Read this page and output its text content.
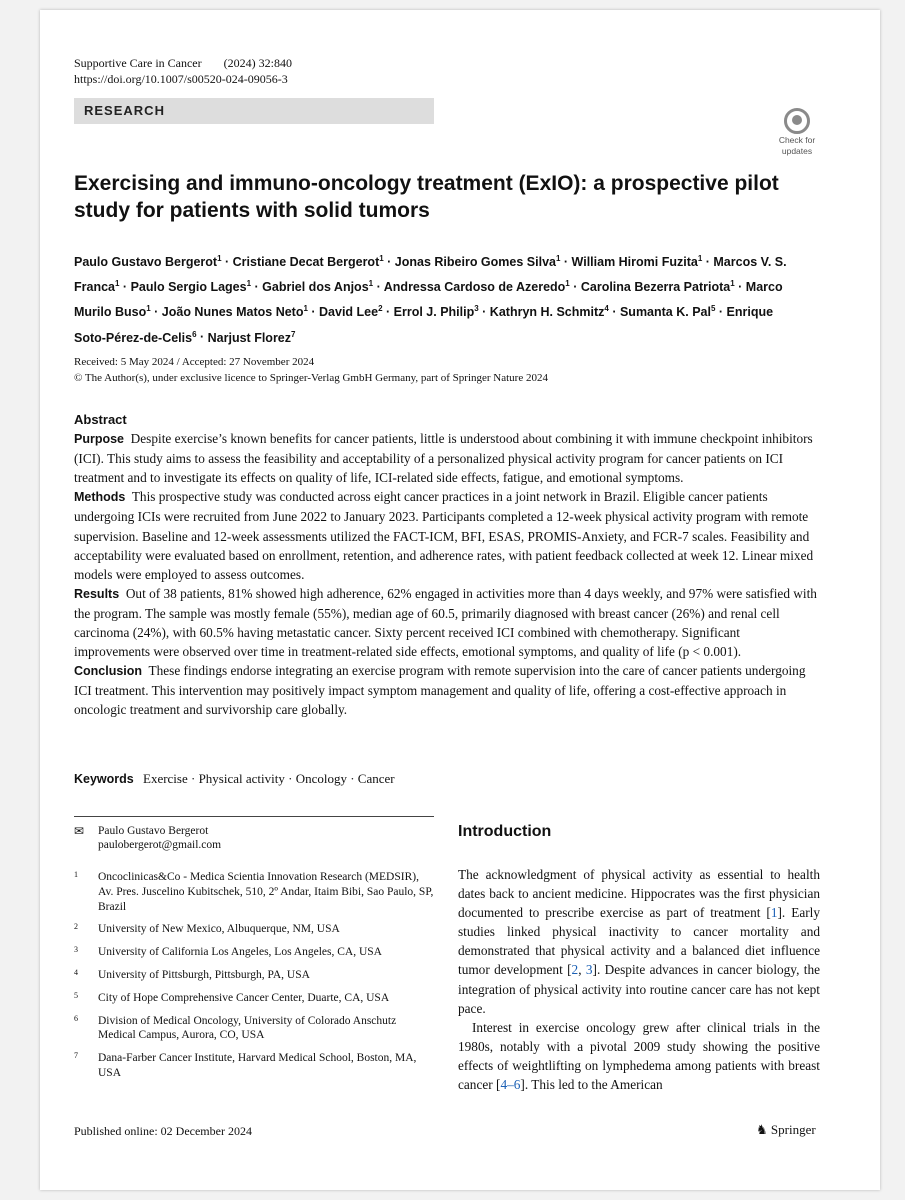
Supportive Care in Cancer (2024) 32:840
https://doi.org/10.1007/s00520-024-09056-3
RESEARCH
Check for
updates
Exercising and immuno-oncology treatment (ExIO): a prospective pilot study for patients with solid tumors
Paulo Gustavo Bergerot$^1$ · Cristiane Decat Bergerot$^1$ · Jonas Ribeiro Gomes Silva$^1$ · William Hiromi Fuzita$^1$ · Marcos V. S. Franca$^1$ · Paulo Sergio Lages$^1$ · Gabriel dos Anjos$^1$ · Andressa Cardoso de Azeredo$^1$ · Carolina Bezerra Patriota$^1$ · Marco Murilo Buso$^1$ · João Nunes Matos Neto$^1$ · David Lee$^2$ · Errol J. Philip$^3$ · Kathryn H. Schmitz$^4$ · Sumanta K. Pal$^5$ · Enrique Soto-Pérez-de-Celis$^6$ · Narjust Florez$^7$
Received: 5 May 2024 / Accepted: 27 November 2024
© The Author(s), under exclusive licence to Springer-Verlag GmbH Germany, part of Springer Nature 2024
Abstract

Purpose Despite exercise’s known benefits for cancer patients, little is understood about combining it with immune checkpoint inhibitors (ICI). This study aims to assess the feasibility and acceptability of a personalized physical activity program for cancer patients on ICI treatment and to investigate its effects on quality of life, ICI-related side effects, fatigue, and emotional symptoms.

Methods This prospective study was conducted across eight cancer practices in a joint network in Brazil. Eligible cancer patients undergoing ICIs were recruited from June 2022 to January 2023. Participants completed a 12-week physical activity program with remote supervision. Baseline and 12-week assessments utilized the FACT-ICM, BFI, ESAS, PROMIS-Anxiety, and FCR-7 scales. Feasibility and acceptability were evaluated based on enrollment, retention, and adherence rates, with patient feedback collected at week 12. Linear mixed models were employed to assess outcomes.

Results Out of 38 patients, 81% showed high adherence, 62% engaged in activities more than 4 days weekly, and 97% were satisfied with the program. The sample was mostly female (55%), median age of 60.5, primarily diagnosed with breast cancer (26%) and renal cell carcinoma (24%), with 60.5% having metastatic cancer. Sixty percent received ICI combined with chemotherapy. Significant improvements were observed over time in treatment-related side effects, emotional symptoms, and quality of life (p < 0.001).

Conclusion These findings endorse integrating an exercise program with remote supervision into the care of cancer patients undergoing ICI treatment. This intervention may positively impact symptom management and quality of life, offering a cost-effective approach in oncologic treatment and survivorship care globally.

Keywords Exercise · Physical activity · Oncology · Cancer
✉ Paulo Gustavo Bergerot
paulobergerot@gmail.com
1 Oncoclinicas&Co - Medica Scientia Innovation Research (MEDSIR), Av. Pres. Juscelino Kubitschek, 510, 2º Andar, Itaim Bibi, Sao Paulo, SP, Brazil
2 University of New Mexico, Albuquerque, NM, USA
3 University of California Los Angeles, Los Angeles, CA, USA
4 University of Pittsburgh, Pittsburgh, PA, USA
5 City of Hope Comprehensive Cancer Center, Duarte, CA, USA
6 Division of Medical Oncology, University of Colorado Anschutz Medical Campus, Aurora, CO, USA
7 Dana-Farber Cancer Institute, Harvard Medical School, Boston, MA, USA
Introduction

The acknowledgment of physical activity as essential to health dates back to ancient medicine. Hippocrates was the first physician documented to prescribe exercise as part of treatment [1]. Early studies linked physical inactivity to cancer mortality and demonstrated that physical activity and a balanced diet influence tumor development [2, 3]. Despite advances in cancer biology, the integration of physical activity into routine cancer care has not kept pace.

Interest in exercise oncology grew after clinical trials in the 1980s, notably with a pivotal 2009 study showing the positive effects of weightlifting on lymphedema among patients with breast cancer [4–6]. This led to the American

Published online: 02 December 2024	♞ Springer
